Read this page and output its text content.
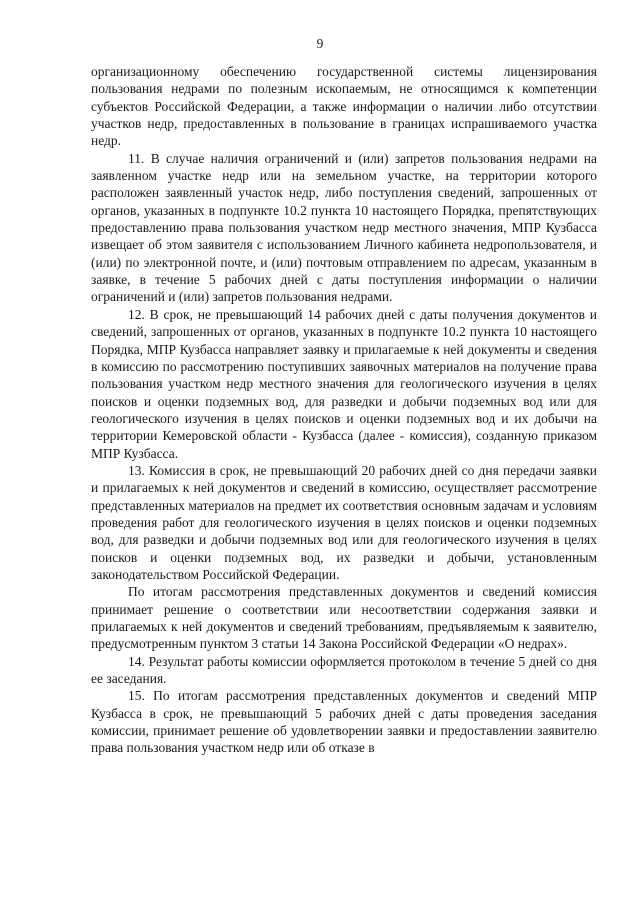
9

организационному обеспечению государственной системы лицензирования пользования недрами по полезным ископаемым, не относящимся к компетенции субъектов Российской Федерации, а также информации о наличии либо отсутствии участков недр, предоставленных в пользование в границах испрашиваемого участка недр.

11. В случае наличия ограничений и (или) запретов пользования недрами на заявленном участке недр или на земельном участке, на территории которого расположен заявленный участок недр, либо поступления сведений, запрошенных от органов, указанных в подпункте 10.2 пункта 10 настоящего Порядка, препятствующих предоставлению права пользования участком недр местного значения, МПР Кузбасса извещает об этом заявителя с использованием Личного кабинета недропользователя, и (или) по электронной почте, и (или) почтовым отправлением по адресам, указанным в заявке, в течение 5 рабочих дней с даты поступления информации о наличии ограничений и (или) запретов пользования недрами.

12. В срок, не превышающий 14 рабочих дней с даты получения документов и сведений, запрошенных от органов, указанных в подпункте 10.2 пункта 10 настоящего Порядка, МПР Кузбасса направляет заявку и прилагаемые к ней документы и сведения в комиссию по рассмотрению поступивших заявочных материалов на получение права пользования участком недр местного значения для геологического изучения в целях поисков и оценки подземных вод, для разведки и добычи подземных вод или для геологического изучения в целях поисков и оценки подземных вод и их добычи на территории Кемеровской области - Кузбасса (далее - комиссия), созданную приказом МПР Кузбасса.

13. Комиссия в срок, не превышающий 20 рабочих дней со дня передачи заявки и прилагаемых к ней документов и сведений в комиссию, осуществляет рассмотрение представленных материалов на предмет их соответствия основным задачам и условиям проведения работ для геологического изучения в целях поисков и оценки подземных вод, для разведки и добычи подземных вод или для геологического изучения в целях поисков и оценки подземных вод, их разведки и добычи, установленным законодательством Российской Федерации.

По итогам рассмотрения представленных документов и сведений комиссия принимает решение о соответствии или несоответствии содержания заявки и прилагаемых к ней документов и сведений требованиям, предъявляемым к заявителю, предусмотренным пунктом 3 статьи 14 Закона Российской Федерации «О недрах».

14. Результат работы комиссии оформляется протоколом в течение 5 дней со дня ее заседания.

15. По итогам рассмотрения представленных документов и сведений МПР Кузбасса в срок, не превышающий 5 рабочих дней с даты проведения заседания комиссии, принимает решение об удовлетворении заявки и предоставлении заявителю права пользования участком недр или об отказе в
